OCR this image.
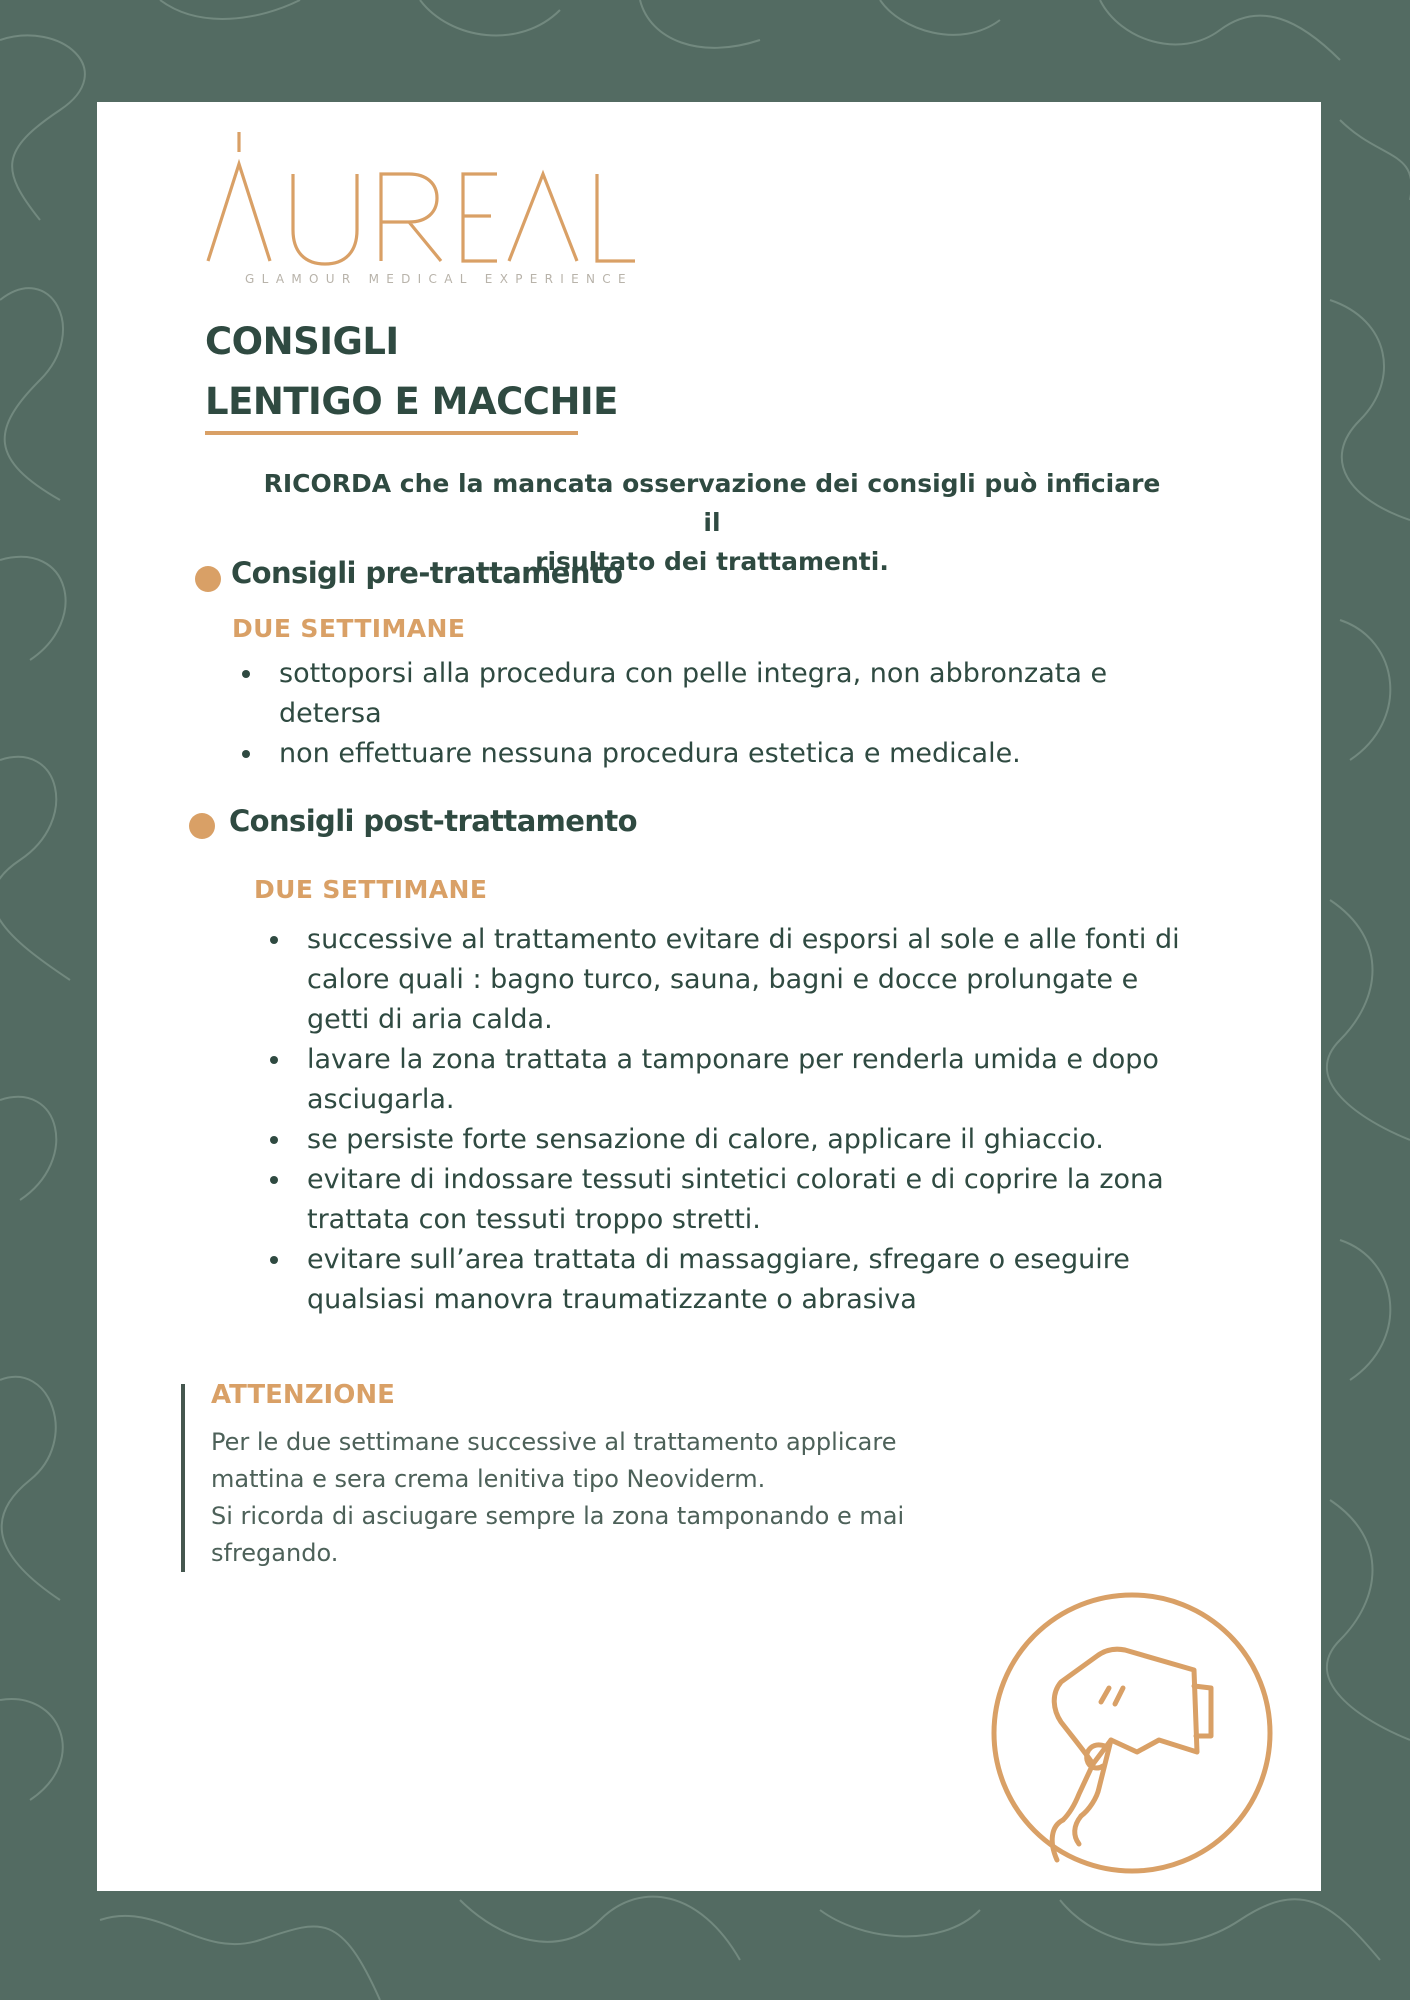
GLAMOUR MEDICAL EXPERIENCE
CONSIGLI
LENTIGO E MACCHIE
RICORDA che la mancata osservazione dei consigli può inficiare il
risultato dei trattamenti.
Consigli pre-trattamento
DUE SETTIMANE
• sottoporsi alla procedura con pelle integra, non abbronzata e detersa
• non effettuare nessuna procedura estetica e medicale.
Consigli post-trattamento
DUE SETTIMANE
• successive al trattamento evitare di esporsi al sole e alle fonti di calore quali : bagno turco, sauna, bagni e docce prolungate e getti di aria calda.
• lavare la zona trattata a tamponare per renderla umida e dopo asciugarla.
• se persiste forte sensazione di calore, applicare il ghiaccio.
• evitare di indossare tessuti sintetici colorati e di coprire la zona trattata con tessuti troppo stretti.
• evitare sull’area trattata di massaggiare, sfregare o eseguire qualsiasi manovra traumatizzante o abrasiva
ATTENZIONE
Per le due settimane successive al trattamento applicare
mattina e sera crema lenitiva tipo Neoviderm.
Si ricorda di asciugare sempre la zona tamponando e mai
sfregando.
